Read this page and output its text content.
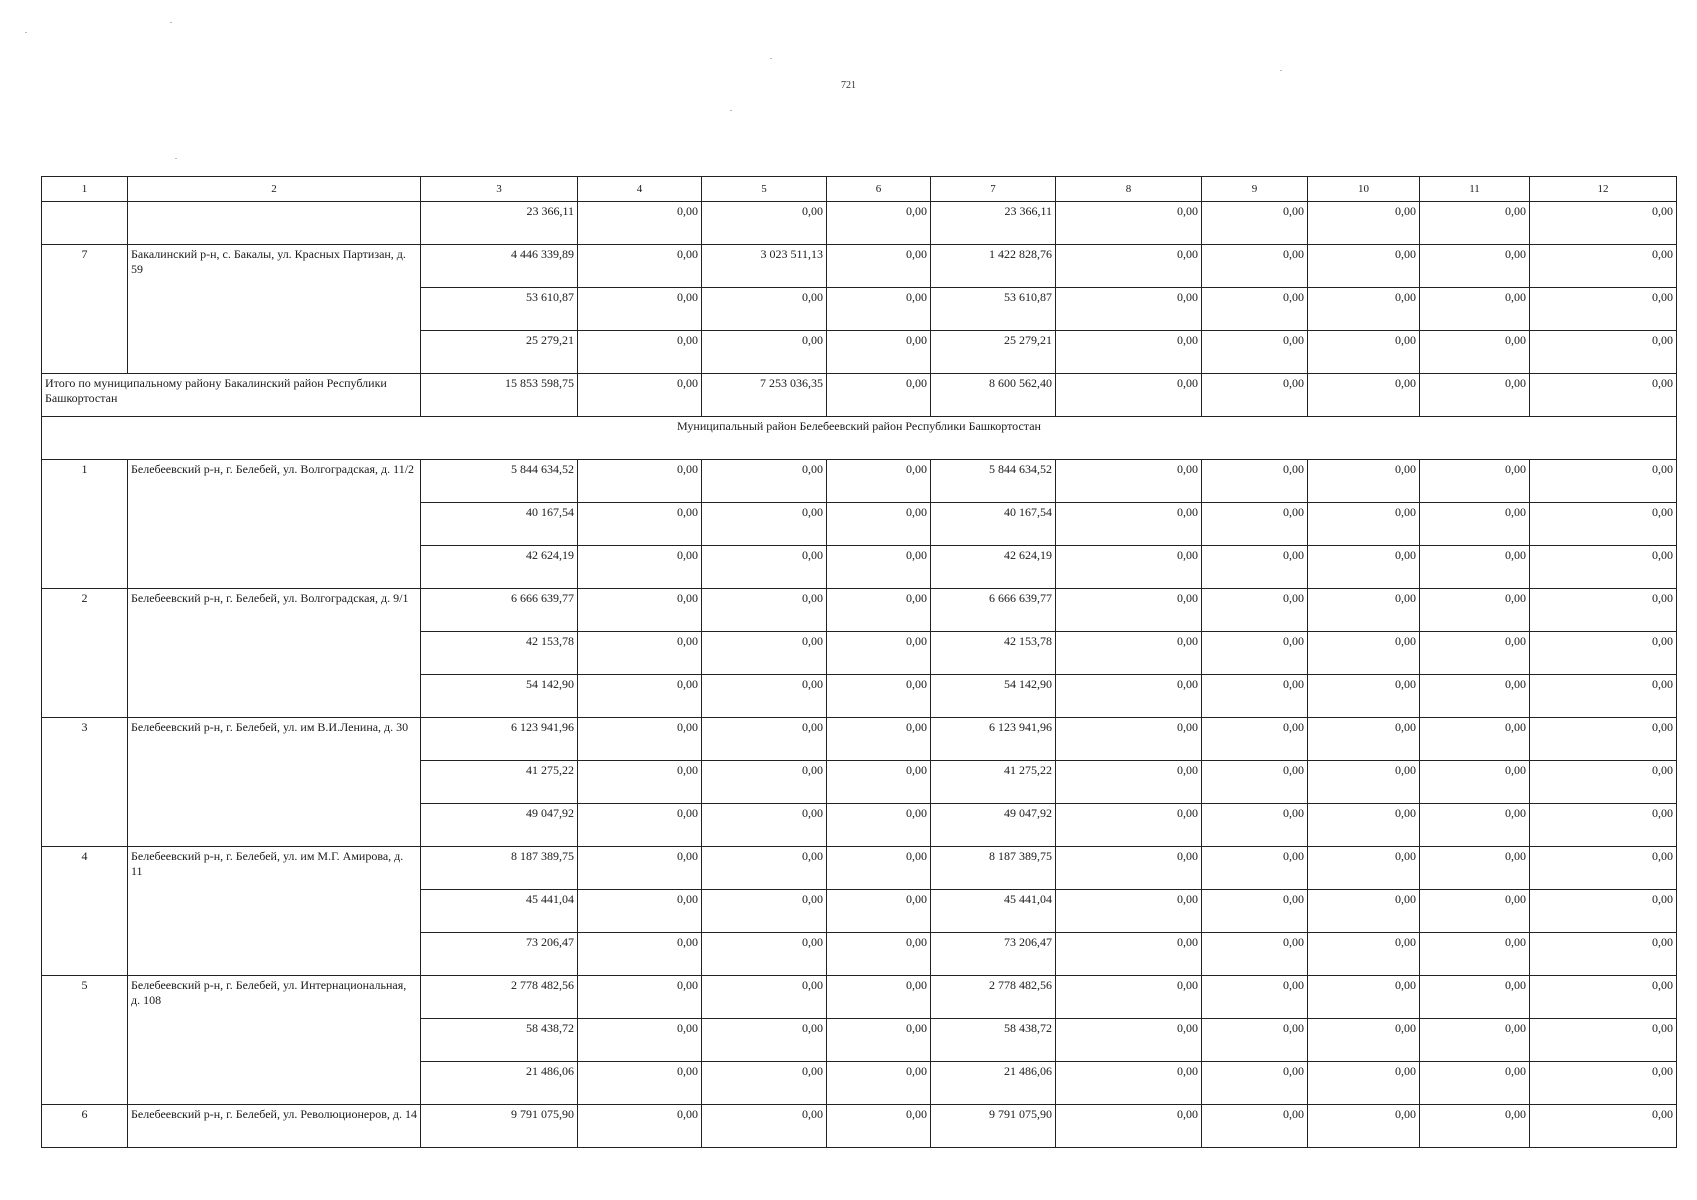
721
1	2	3	4	5	6	7	8	9	10	11	12
		23 366,11	0,00	0,00	0,00	23 366,11	0,00	0,00	0,00	0,00	0,00
7	Бакалинский р-н, с. Бакалы, ул. Красных Партизан, д. 59	4 446 339,89	0,00	3 023 511,13	0,00	1 422 828,76	0,00	0,00	0,00	0,00	0,00
		53 610,87	0,00	0,00	0,00	53 610,87	0,00	0,00	0,00	0,00	0,00
		25 279,21	0,00	0,00	0,00	25 279,21	0,00	0,00	0,00	0,00	0,00
Итого по муниципальному району Бакалинский район Республики Башкортостан		15 853 598,75	0,00	7 253 036,35	0,00	8 600 562,40	0,00	0,00	0,00	0,00	0,00
Муниципальный район Белебеевский район Республики Башкортостан											
1	Белебеевский р-н, г. Белебей, ул. Волгоградская, д. 11/2	5 844 634,52	0,00	0,00	0,00	5 844 634,52	0,00	0,00	0,00	0,00	0,00
		40 167,54	0,00	0,00	0,00	40 167,54	0,00	0,00	0,00	0,00	0,00
		42 624,19	0,00	0,00	0,00	42 624,19	0,00	0,00	0,00	0,00	0,00
2	Белебеевский р-н, г. Белебей, ул. Волгоградская, д. 9/1	6 666 639,77	0,00	0,00	0,00	6 666 639,77	0,00	0,00	0,00	0,00	0,00
		42 153,78	0,00	0,00	0,00	42 153,78	0,00	0,00	0,00	0,00	0,00
		54 142,90	0,00	0,00	0,00	54 142,90	0,00	0,00	0,00	0,00	0,00
3	Белебеевский р-н, г. Белебей, ул. им В.И.Ленина, д. 30	6 123 941,96	0,00	0,00	0,00	6 123 941,96	0,00	0,00	0,00	0,00	0,00
		41 275,22	0,00	0,00	0,00	41 275,22	0,00	0,00	0,00	0,00	0,00
		49 047,92	0,00	0,00	0,00	49 047,92	0,00	0,00	0,00	0,00	0,00
4	Белебеевский р-н, г. Белебей, ул. им М.Г. Амирова, д. 11	8 187 389,75	0,00	0,00	0,00	8 187 389,75	0,00	0,00	0,00	0,00	0,00
		45 441,04	0,00	0,00	0,00	45 441,04	0,00	0,00	0,00	0,00	0,00
		73 206,47	0,00	0,00	0,00	73 206,47	0,00	0,00	0,00	0,00	0,00
5	Белебеевский р-н, г. Белебей, ул. Интернациональная, д. 108	2 778 482,56	0,00	0,00	0,00	2 778 482,56	0,00	0,00	0,00	0,00	0,00
		58 438,72	0,00	0,00	0,00	58 438,72	0,00	0,00	0,00	0,00	0,00
		21 486,06	0,00	0,00	0,00	21 486,06	0,00	0,00	0,00	0,00	0,00
6	Белебеевский р-н, г. Белебей, ул. Революционеров, д. 14	9 791 075,90	0,00	0,00	0,00	9 791 075,90	0,00	0,00	0,00	0,00	0,00
